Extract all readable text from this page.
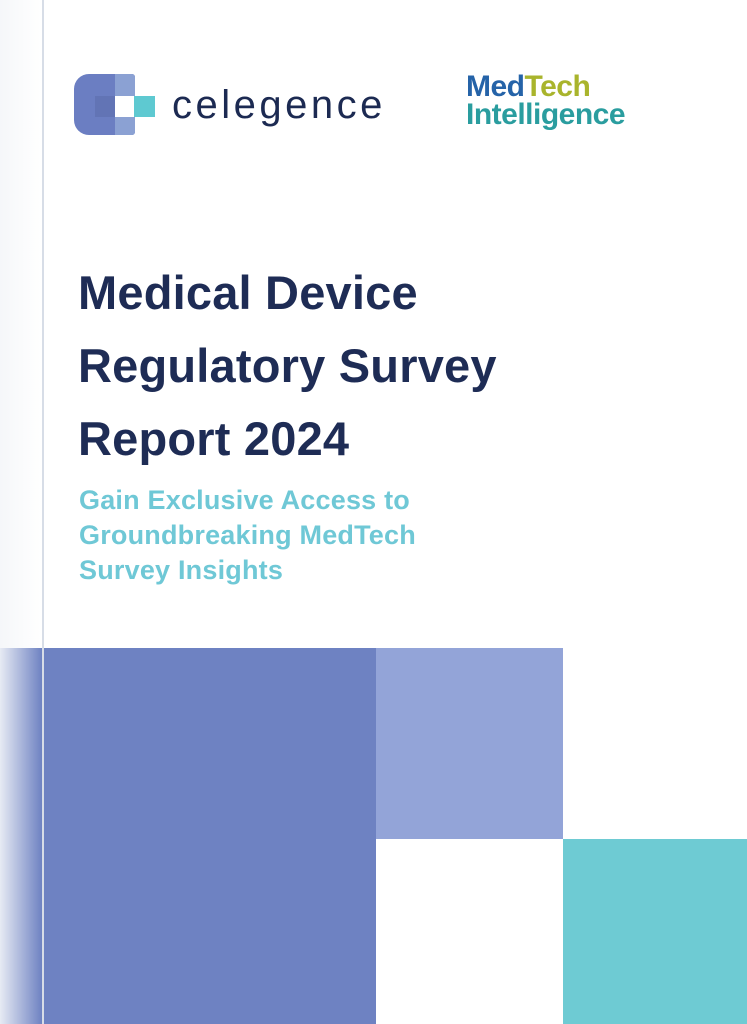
celegence	MedTech
Intelligence
Medical Device
Regulatory Survey
Report 2024
Gain Exclusive Access to
Groundbreaking MedTech
Survey Insights
